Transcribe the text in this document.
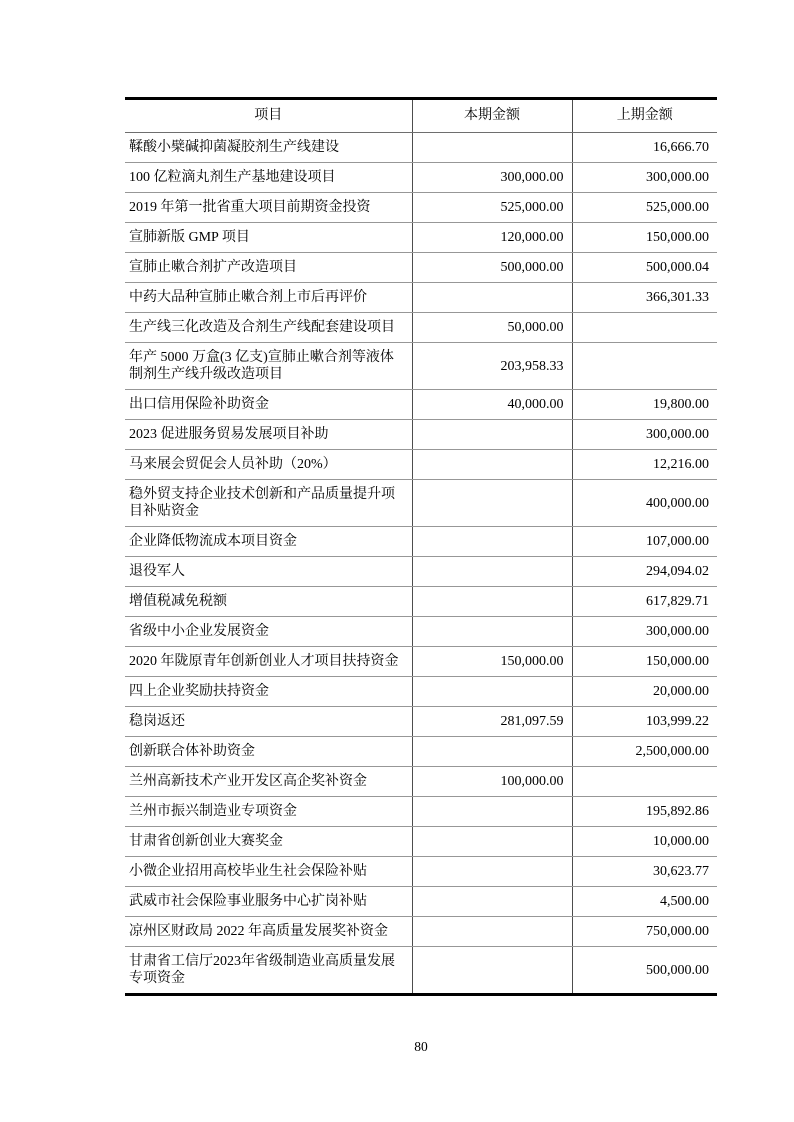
项目	本期金额	上期金额
鞣酸小檗碱抑菌凝胶剂生产线建设		16,666.70
100 亿粒滴丸剂生产基地建设项目	300,000.00	300,000.00
2019 年第一批省重大项目前期资金投资	525,000.00	525,000.00
宣肺新版 GMP 项目	120,000.00	150,000.00
宣肺止嗽合剂扩产改造项目	500,000.00	500,000.04
中药大品种宣肺止嗽合剂上市后再评价		366,301.33
生产线三化改造及合剂生产线配套建设项目	50,000.00	
年产 5000 万盒(3 亿支)宣肺止嗽合剂等液体制剂生产线升级改造项目	203,958.33	
出口信用保险补助资金	40,000.00	19,800.00
2023 促进服务贸易发展项目补助		300,000.00
马来展会贸促会人员补助（20%）		12,216.00
稳外贸支持企业技术创新和产品质量提升项目补贴资金		400,000.00
企业降低物流成本项目资金		107,000.00
退役军人		294,094.02
增值税减免税额		617,829.71
省级中小企业发展资金		300,000.00
2020 年陇原青年创新创业人才项目扶持资金	150,000.00	150,000.00
四上企业奖励扶持资金		20,000.00
稳岗返还	281,097.59	103,999.22
创新联合体补助资金		2,500,000.00
兰州高新技术产业开发区高企奖补资金	100,000.00	
兰州市振兴制造业专项资金		195,892.86
甘肃省创新创业大赛奖金		10,000.00
小微企业招用高校毕业生社会保险补贴		30,623.77
武威市社会保险事业服务中心扩岗补贴		4,500.00
凉州区财政局 2022 年高质量发展奖补资金		750,000.00
甘肃省工信厅2023年省级制造业高质量发展专项资金		500,000.00
80
